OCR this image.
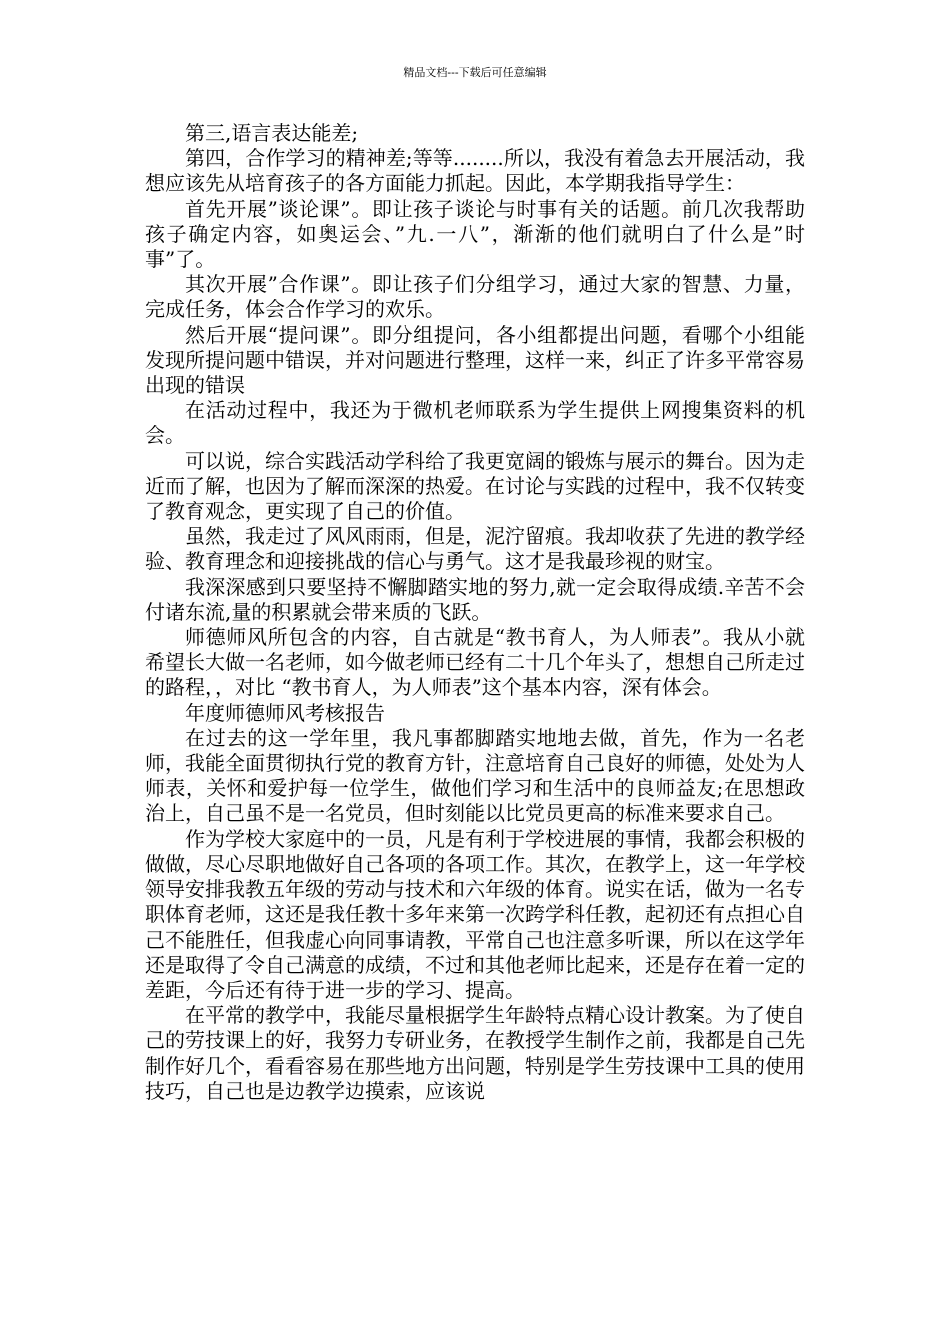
精品文档---下载后可任意编辑

第三,语言表达能差;

第四，合作学习的精神差;等等........所以，我没有着急去开展活动，我想应该先从培育孩子的各方面能力抓起。因此，本学期我指导学生：

首先开展”谈论课”。即让孩子谈论与时事有关的话题。前几次我帮助孩子确定内容，如奥运会、”九.一八”，渐渐的他们就明白了什么是”时事”了。

其次开展”合作课”。即让孩子们分组学习，通过大家的智慧、力量，完成任务，体会合作学习的欢乐。

然后开展“提问课”。即分组提问，各小组都提出问题，看哪个小组能发现所提问题中错误，并对问题进行整理，这样一来，纠正了许多平常容易出现的错误

在活动过程中，我还为于微机老师联系为学生提供上网搜集资料的机会。

可以说，综合实践活动学科给了我更宽阔的锻炼与展示的舞台。因为走近而了解，也因为了解而深深的热爱。在讨论与实践的过程中，我不仅转变了教育观念，更实现了自己的价值。

虽然，我走过了风风雨雨，但是，泥泞留痕。我却收获了先进的教学经验、教育理念和迎接挑战的信心与勇气。这才是我最珍视的财宝。

我深深感到只要坚持不懈脚踏实地的努力,就一定会取得成绩.辛苦不会付诸东流,量的积累就会带来质的飞跃。

师德师风所包含的内容，自古就是“教书育人，为人师表”。我从小就希望长大做一名老师，如今做老师已经有二十几个年头了，想想自己所走过的路程，，对比 “教书育人，为人师表”这个基本内容，深有体会。

年度师德师风考核报告

在过去的这一学年里，我凡事都脚踏实地地去做，首先，作为一名老师，我能全面贯彻执行党的教育方针，注意培育自己良好的师德，处处为人师表，关怀和爱护每一位学生，做他们学习和生活中的良师益友;在思想政治上，自己虽不是一名党员，但时刻能以比党员更高的标准来要求自己。

作为学校大家庭中的一员，凡是有利于学校进展的事情，我都会积极的做做，尽心尽职地做好自己各项的各项工作。其次，在教学上，这一年学校领导安排我教五年级的劳动与技术和六年级的体育。说实在话，做为一名专职体育老师，这还是我任教十多年来第一次跨学科任教，起初还有点担心自己不能胜任，但我虚心向同事请教，平常自己也注意多听课，所以在这学年还是取得了令自己满意的成绩，不过和其他老师比起来，还是存在着一定的差距，今后还有待于进一步的学习、提高。

在平常的教学中，我能尽量根据学生年龄特点精心设计教案。为了使自己的劳技课上的好，我努力专研业务，在教授学生制作之前，我都是自己先制作好几个，看看容易在那些地方出问题，特别是学生劳技课中工具的使用技巧，自己也是边教学边摸索，应该说
